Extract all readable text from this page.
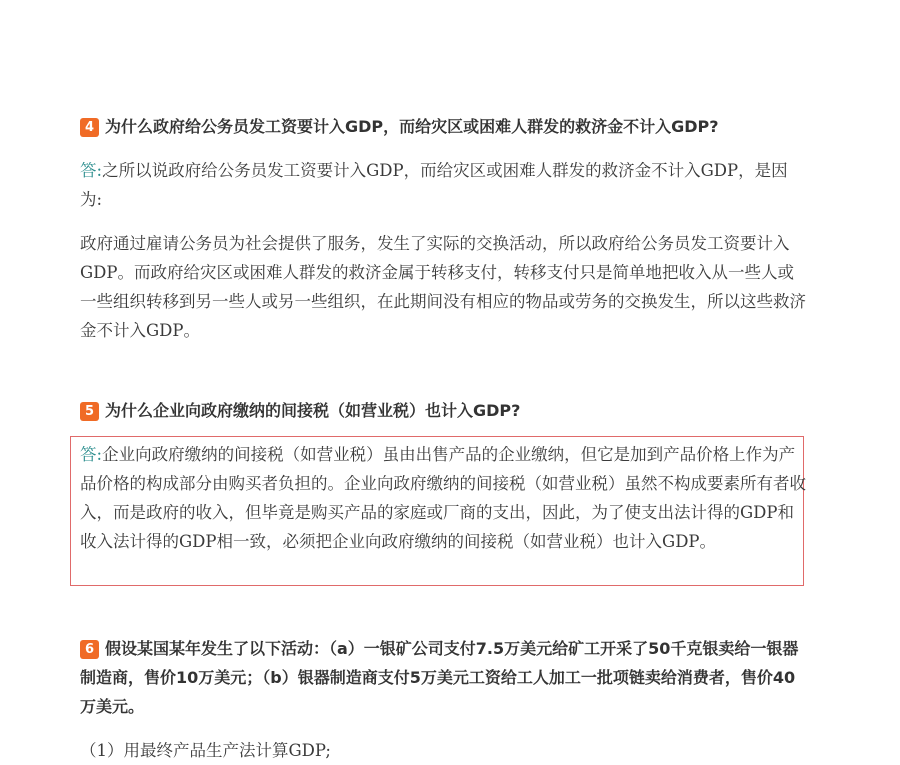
4 为什么政府给公务员发工资要计入GDP，而给灾区或困难人群发的救济金不计入GDP?

答:之所以说政府给公务员发工资要计入GDP，而给灾区或困难人群发的救济金不计入GDP，是因为:

政府通过雇请公务员为社会提供了服务，发生了实际的交换活动，所以政府给公务员发工资要计入GDP。而政府给灾区或困难人群发的救济金属于转移支付，转移支付只是简单地把收入从一些人或一些组织转移到另一些人或另一些组织，在此期间没有相应的物品或劳务的交换发生，所以这些救济金不计入GDP。

5 为什么企业向政府缴纳的间接税（如营业税）也计入GDP?

答:企业向政府缴纳的间接税（如营业税）虽由出售产品的企业缴纳，但它是加到产品价格上作为产品价格的构成部分由购买者负担的。企业向政府缴纳的间接税（如营业税）虽然不构成要素所有者收入，而是政府的收入，但毕竟是购买产品的家庭或厂商的支出，因此，为了使支出法计得的GDP和收入法计得的GDP相一致，必须把企业向政府缴纳的间接税（如营业税）也计入GDP。

6 假设某国某年发生了以下活动：（a）一银矿公司支付7.5万美元给矿工开采了50千克银卖给一银器制造商，售价10万美元；（b）银器制造商支付5万美元工资给工人加工一批项链卖给消费者，售价40万美元。

（1）用最终产品生产法计算GDP;
